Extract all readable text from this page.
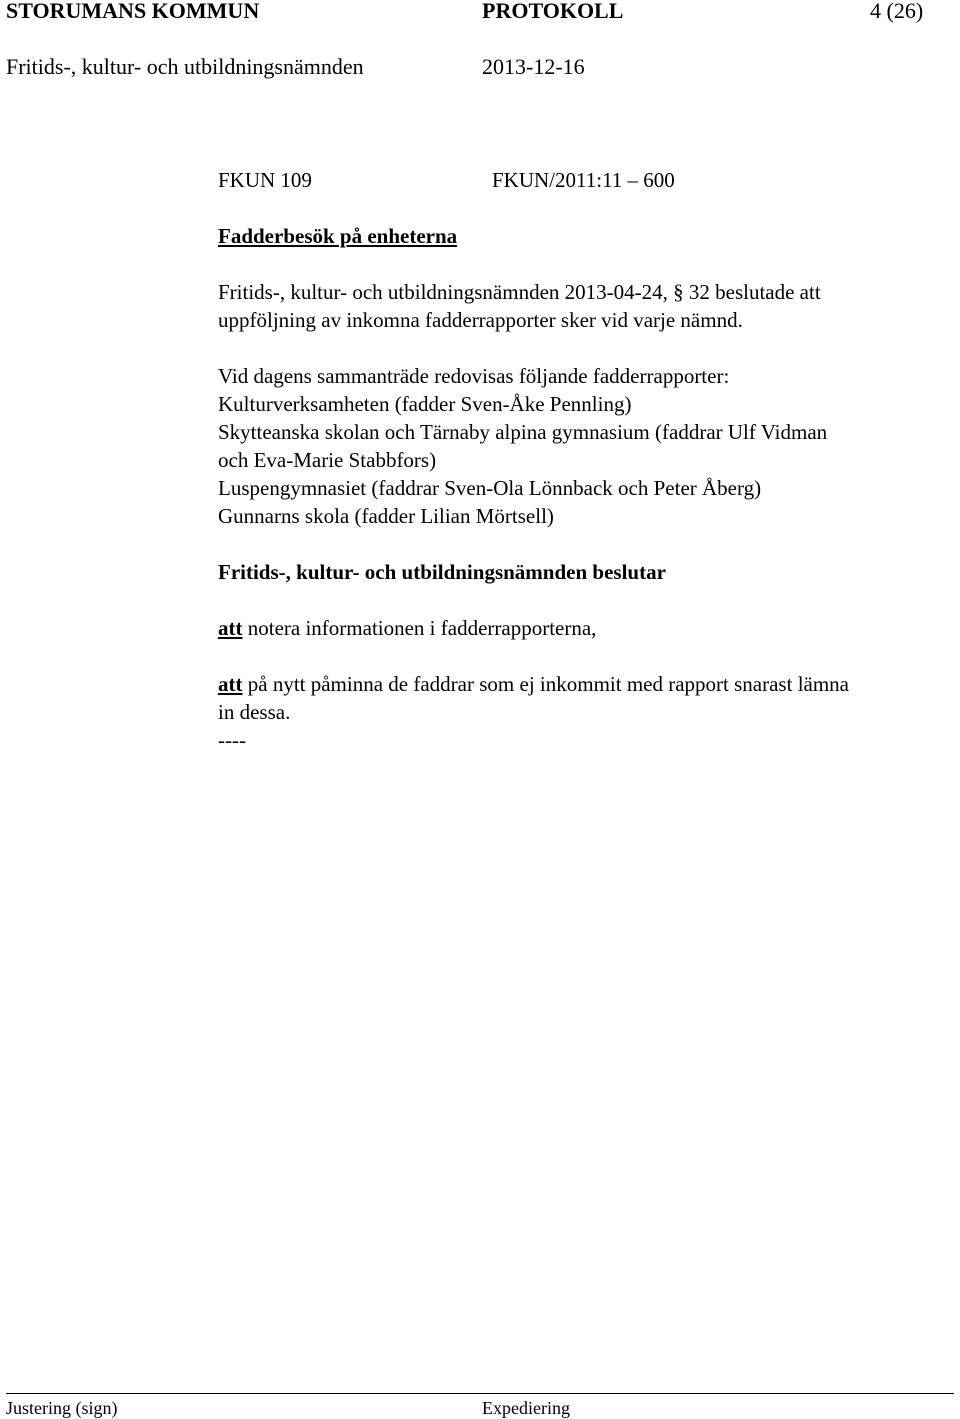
STORUMANS KOMMUN	PROTOKOLL	4 (26)
Fritids-, kultur- och utbildningsnämnden	2013-12-16
FKUN 109	FKUN/2011:11 – 600
Fadderbesök på enheterna
Fritids-, kultur- och utbildningsnämnden 2013-04-24, § 32 beslutade att
uppföljning av inkomna fadderrapporter sker vid varje nämnd.
Vid dagens sammanträde redovisas följande fadderrapporter:
Kulturverksamheten (fadder Sven-Åke Pennling)
Skytteanska skolan och Tärnaby alpina gymnasium (faddrar Ulf Vidman
och Eva-Marie Stabbfors)
Luspengymnasiet (faddrar Sven-Ola Lönnback och Peter Åberg)
Gunnarns skola (fadder Lilian Mörtsell)
Fritids-, kultur- och utbildningsnämnden beslutar
att notera informationen i fadderrapporterna,
att på nytt påminna de faddrar som ej inkommit med rapport snarast lämna
in dessa.
----
Justering (sign)	Expediering
